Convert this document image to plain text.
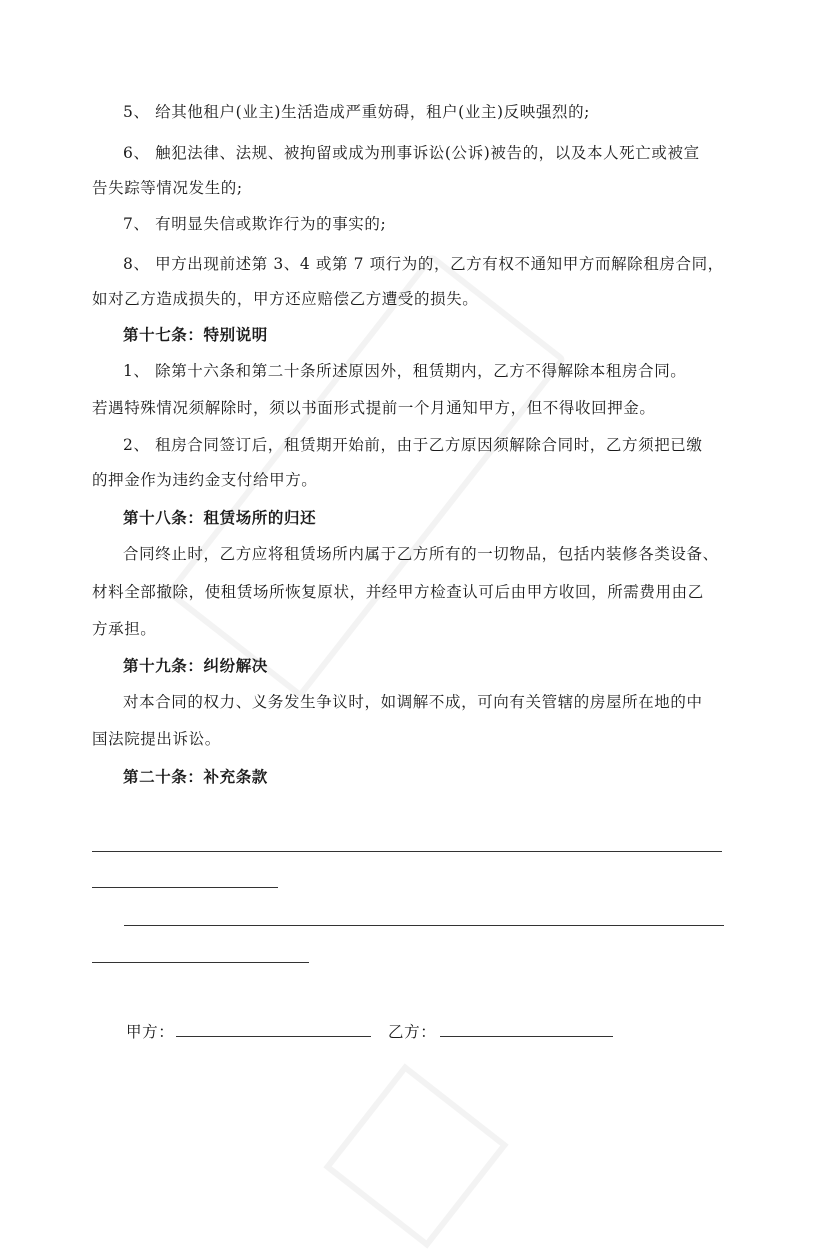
5、 给其他租户(业主)生活造成严重妨碍，租户(业主)反映强烈的;
6、 触犯法律、法规、被拘留或成为刑事诉讼(公诉)被告的，以及本人死亡或被宣
告失踪等情况发生的;
7、 有明显失信或欺诈行为的事实的;
8、 甲方出现前述第 3、4 或第 7 项行为的，乙方有权不通知甲方而解除租房合同，
如对乙方造成损失的，甲方还应赔偿乙方遭受的损失。
第十七条：特别说明
1、 除第十六条和第二十条所述原因外，租赁期内，乙方不得解除本租房合同。
若遇特殊情况须解除时，须以书面形式提前一个月通知甲方，但不得收回押金。
2、 租房合同签订后，租赁期开始前，由于乙方原因须解除合同时，乙方须把已缴
的押金作为违约金支付给甲方。
第十八条：租赁场所的归还
合同终止时，乙方应将租赁场所内属于乙方所有的一切物品，包括内装修各类设备、
材料全部撤除，使租赁场所恢复原状，并经甲方检查认可后由甲方收回，所需费用由乙
方承担。
第十九条：纠纷解决
对本合同的权力、义务发生争议时，如调解不成，可向有关管辖的房屋所在地的中
国法院提出诉讼。
第二十条：补充条款
甲方：	乙方：
